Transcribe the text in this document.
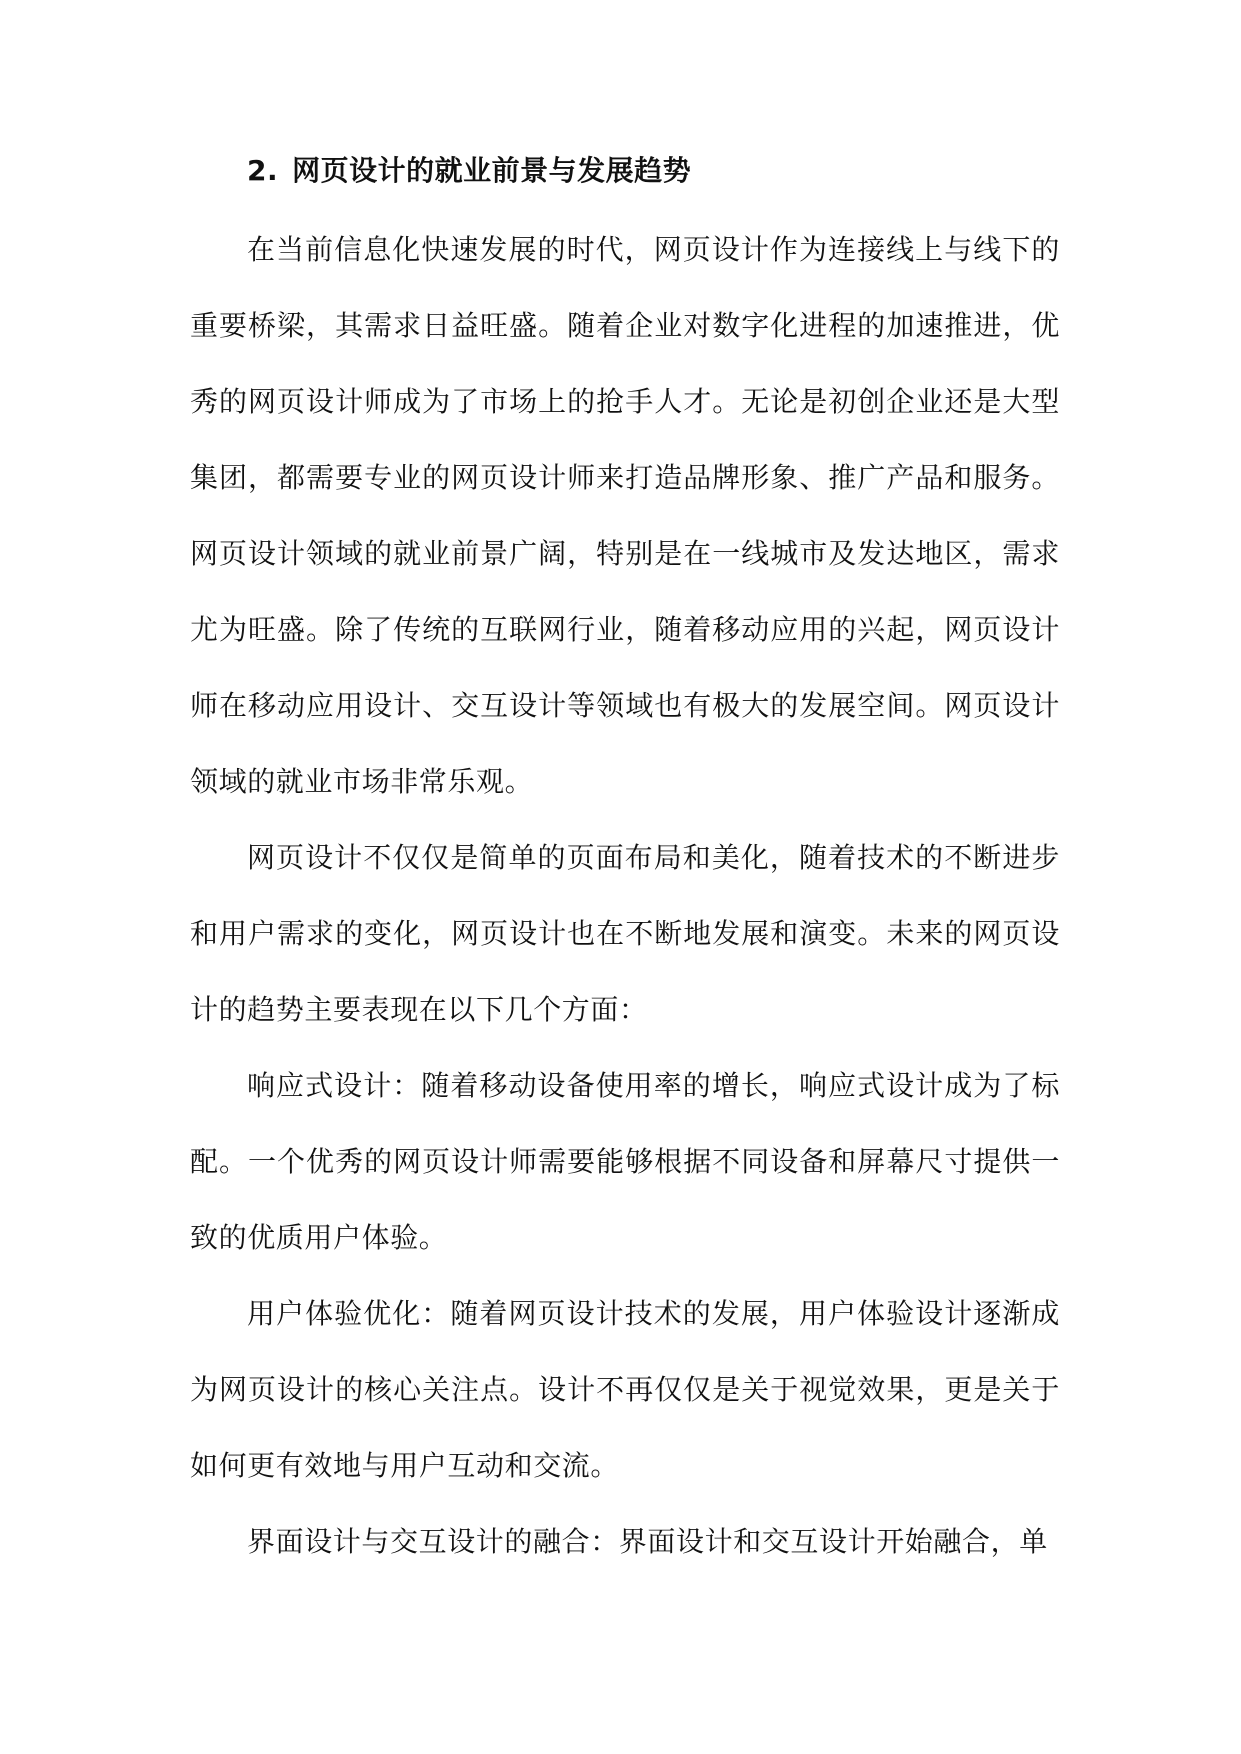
2. 网页设计的就业前景与发展趋势

在当前信息化快速发展的时代，网页设计作为连接线上与线下的重要桥梁，其需求日益旺盛。随着企业对数字化进程的加速推进，优秀的网页设计师成为了市场上的抢手人才。无论是初创企业还是大型集团，都需要专业的网页设计师来打造品牌形象、推广产品和服务。网页设计领域的就业前景广阔，特别是在一线城市及发达地区，需求尤为旺盛。除了传统的互联网行业，随着移动应用的兴起，网页设计师在移动应用设计、交互设计等领域也有极大的发展空间。网页设计领域的就业市场非常乐观。

网页设计不仅仅是简单的页面布局和美化，随着技术的不断进步和用户需求的变化，网页设计也在不断地发展和演变。未来的网页设计的趋势主要表现在以下几个方面：

响应式设计：随着移动设备使用率的增长，响应式设计成为了标配。一个优秀的网页设计师需要能够根据不同设备和屏幕尺寸提供一致的优质用户体验。

用户体验优化：随着网页设计技术的发展，用户体验设计逐渐成为网页设计的核心关注点。设计不再仅仅是关于视觉效果，更是关于如何更有效地与用户互动和交流。

界面设计与交互设计的融合：界面设计和交互设计开始融合，单
